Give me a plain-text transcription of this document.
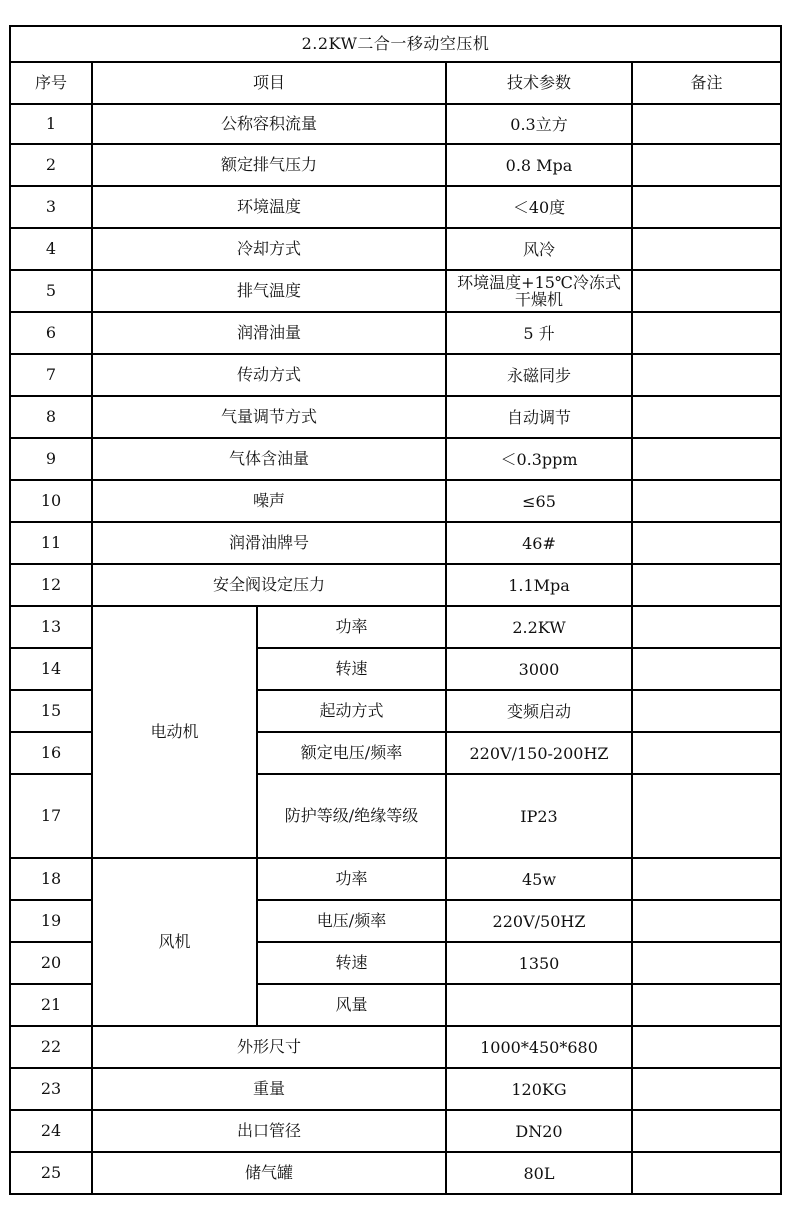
2.2KW二合一移动空压机				
序号	项目		技术参数	备注
1	公称容积流量		0.3立方	

2	额定排气压力		0.8 Mpa	

3	环境温度		＜40度	

4	冷却方式		风冷	

5	排气温度		环境温度+15℃冷冻式干燥机	

6	润滑油量		5 升	

7	传动方式		永磁同步	

8	气量调节方式		自动调节	

9	气体含油量		＜0.3ppm	

10	噪声		≤65	

11	润滑油牌号		46#	

12	安全阀设定压力		1.1Mpa	

13	电动机	功率	2.2KW	

14		转速	3000	

15		起动方式	变频启动	

16		额定电压/频率	220V/150-200HZ	

17		防护等级/绝缘等级	IP23	

18	风机	功率	45w	

19		电压/频率	220V/50HZ	

20		转速	1350	

21		风量	

22	外形尺寸		1000*450*680	

23	重量		120KG	

24	出口管径		DN20	

25	储气罐		80L	
